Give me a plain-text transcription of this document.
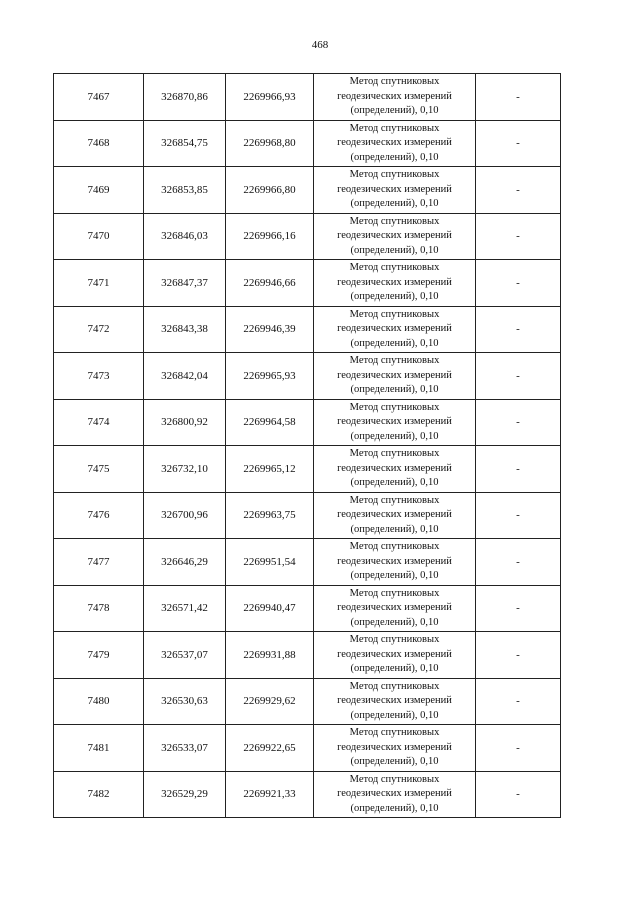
468
7467	326870,86	2269966,93	Метод спутниковых
геодезических измерений
(определений), 0,10	-
7468	326854,75	2269968,80	Метод спутниковых
геодезических измерений
(определений), 0,10	-
7469	326853,85	2269966,80	Метод спутниковых
геодезических измерений
(определений), 0,10	-
7470	326846,03	2269966,16	Метод спутниковых
геодезических измерений
(определений), 0,10	-
7471	326847,37	2269946,66	Метод спутниковых
геодезических измерений
(определений), 0,10	-
7472	326843,38	2269946,39	Метод спутниковых
геодезических измерений
(определений), 0,10	-
7473	326842,04	2269965,93	Метод спутниковых
геодезических измерений
(определений), 0,10	-
7474	326800,92	2269964,58	Метод спутниковых
геодезических измерений
(определений), 0,10	-
7475	326732,10	2269965,12	Метод спутниковых
геодезических измерений
(определений), 0,10	-
7476	326700,96	2269963,75	Метод спутниковых
геодезических измерений
(определений), 0,10	-
7477	326646,29	2269951,54	Метод спутниковых
геодезических измерений
(определений), 0,10	-
7478	326571,42	2269940,47	Метод спутниковых
геодезических измерений
(определений), 0,10	-
7479	326537,07	2269931,88	Метод спутниковых
геодезических измерений
(определений), 0,10	-
7480	326530,63	2269929,62	Метод спутниковых
геодезических измерений
(определений), 0,10	-
7481	326533,07	2269922,65	Метод спутниковых
геодезических измерений
(определений), 0,10	-
7482	326529,29	2269921,33	Метод спутниковых
геодезических измерений
(определений), 0,10	-
